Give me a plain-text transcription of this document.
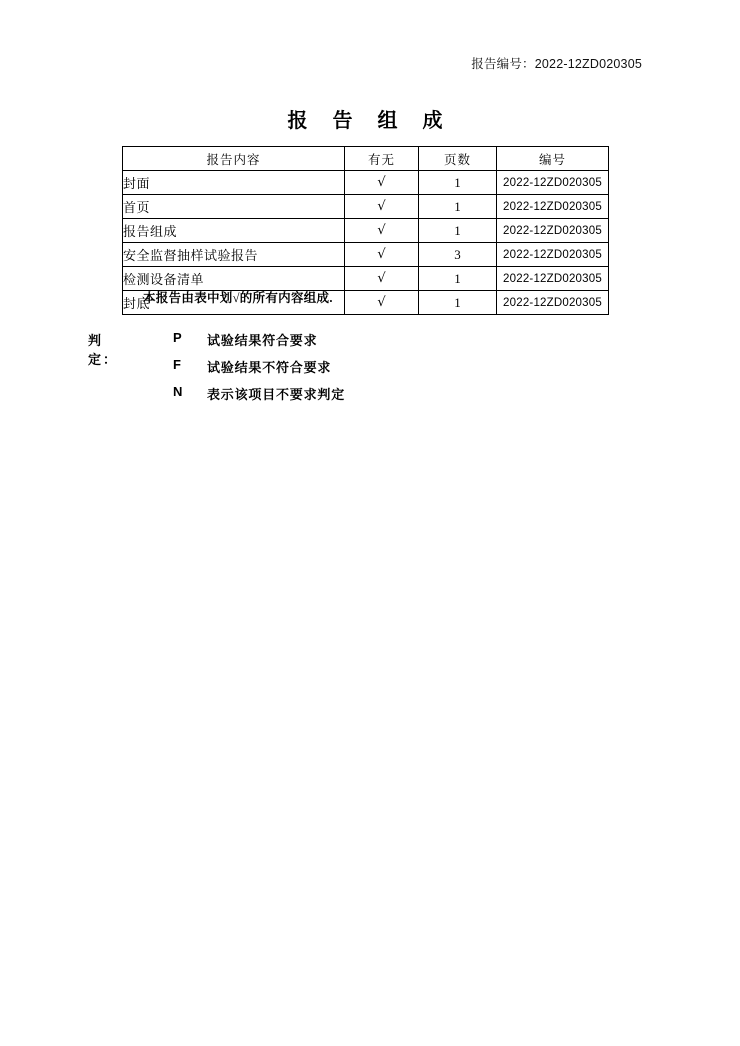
报告编号：2022-12ZD020305
报 告 组 成
报告内容	有无	页数	编号
封面	√	1	2022-12ZD020305
首页	√	1	2022-12ZD020305
报告组成	√	1	2022-12ZD020305
安全监督抽样试验报告	√	3	2022-12ZD020305
检测设备清单	√	1	2022-12ZD020305
封底	√	1	2022-12ZD020305
本报告由表中划√的所有内容组成.
判定：
P	试验结果符合要求
F	试验结果不符合要求
N	表示该项目不要求判定
